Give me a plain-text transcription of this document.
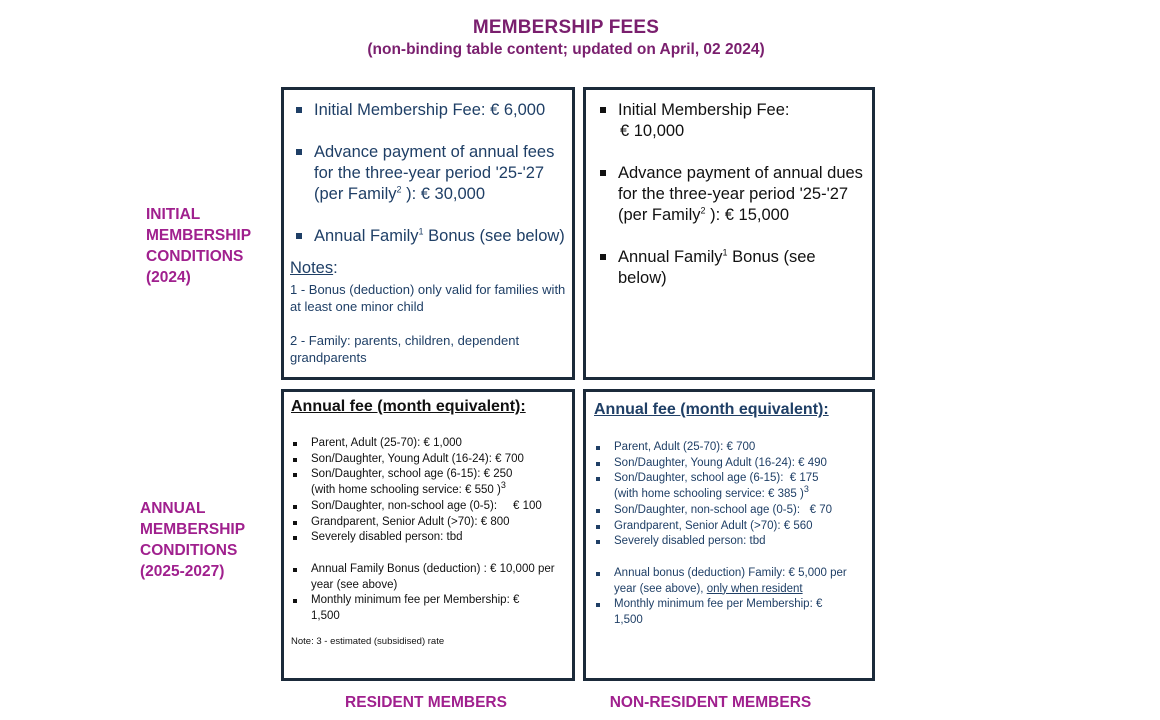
MEMBERSHIP FEES
(non-binding table content; updated on April, 02 2024)
INITIAL
MEMBERSHIP
CONDITIONS
(2024)
ANNUAL
MEMBERSHIP
CONDITIONS
(2025-2027)
Initial Membership Fee: € 6,000
Advance payment of annual fees
for the three-year period '25-'27
(per Family$^2$ ): € 30,000
Annual Family$^1$ Bonus (see below)
Notes:
1 - Bonus (deduction) only valid for families with at least one minor child
2 - Family: parents, children, dependent grandparents
Initial Membership Fee:
€ 10,000
Advance payment of annual dues
for the three-year period '25-'27
(per Family$^2$ ): € 15,000
Annual Family$^1$ Bonus (see below)
Annual fee (month equivalent):
Parent, Adult (25-70): € 1,000
Son/Daughter, Young Adult (16-24): € 700
Son/Daughter, school age (6-15): € 250
(with home schooling service: € 550 )$^3$
Son/Daughter, non-school age (0-5):     € 100
Grandparent, Senior Adult (>70): € 800
Severely disabled person: tbd
Annual Family Bonus (deduction) : € 10,000 per year (see above)
Monthly minimum fee per Membership: € 1,500
Note: 3 - estimated (subsidised) rate
Annual fee (month equivalent):
Parent, Adult (25-70): € 700
Son/Daughter, Young Adult (16-24): € 490
Son/Daughter, school age (6-15):  € 175
(with home schooling service: € 385 )$^3$
Son/Daughter, non-school age (0-5):   € 70
Grandparent, Senior Adult (>70): € 560
Severely disabled person: tbd
Annual bonus (deduction) Family: € 5,000 per year (see above), only when resident
Monthly minimum fee per Membership: € 1,500
RESIDENT MEMBERS	NON-RESIDENT MEMBERS
